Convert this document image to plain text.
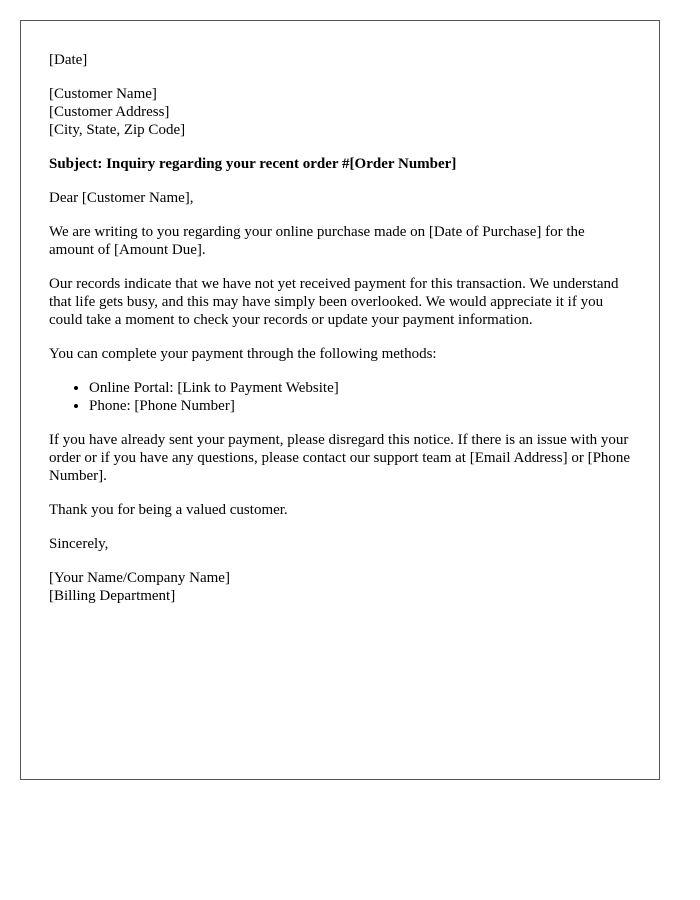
[Date]
[Customer Name]
[Customer Address]
[City, State, Zip Code]

Subject: Inquiry regarding your recent order #[Order Number]

Dear [Customer Name],

We are writing to you regarding your online purchase made on [Date of Purchase] for the amount of [Amount Due].

Our records indicate that we have not yet received payment for this transaction. We understand that life gets busy, and this may have simply been overlooked. We would appreciate it if you could take a moment to check your records or update your payment information.

You can complete your payment through the following methods:

• Online Portal: [Link to Payment Website]
• Phone: [Phone Number]

If you have already sent your payment, please disregard this notice. If there is an issue with your order or if you have any questions, please contact our support team at [Email Address] or [Phone Number].

Thank you for being a valued customer.

Sincerely,

[Your Name/Company Name]
[Billing Department]
